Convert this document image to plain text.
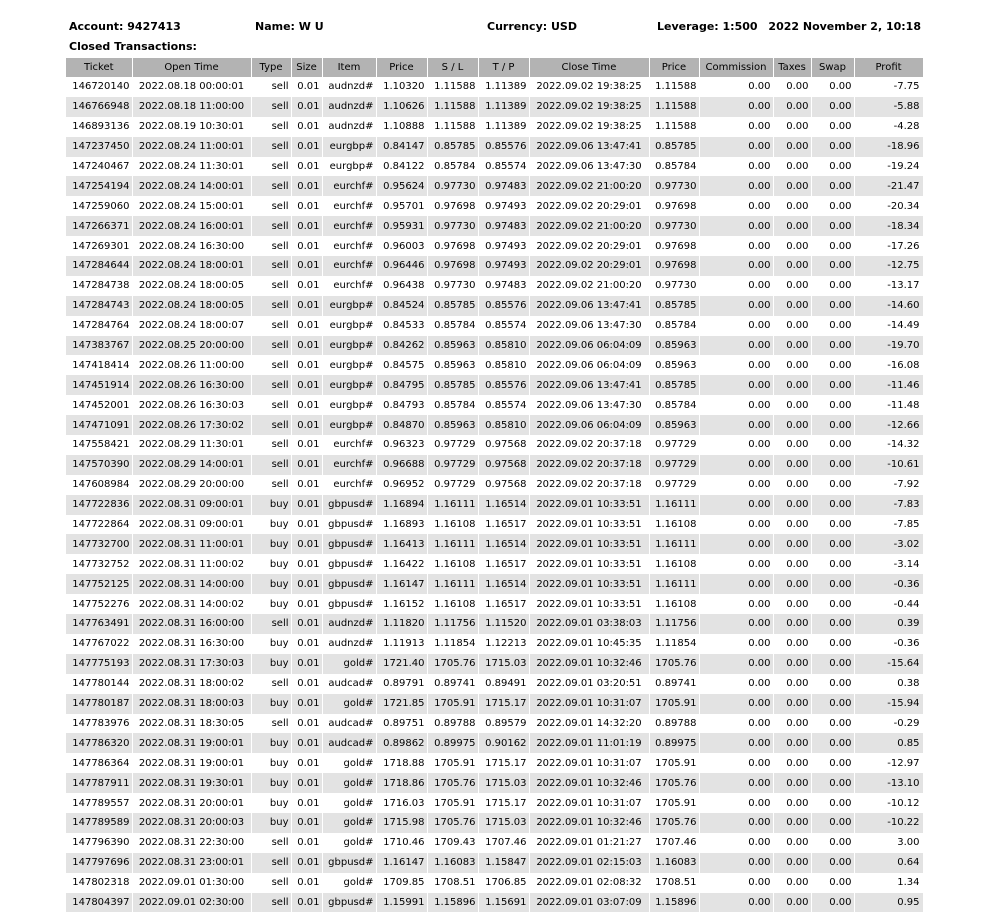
Account: 9427413	Name: W U	Currency: USD	Leverage: 1:500 2022 November 2, 10:18
Closed Transactions:
Ticket	Open Time	Type	Size	Item	Price	S / L	T / P	Close Time	Price	Commission	Taxes	Swap	Profit
146720140	2022.08.18 00:00:01	sell	0.01	audnzd#	1.10320	1.11588	1.11389	2022.09.02 19:38:25	1.11588	0.00	0.00	0.00	-7.75
146766948	2022.08.18 11:00:00	sell	0.01	audnzd#	1.10626	1.11588	1.11389	2022.09.02 19:38:25	1.11588	0.00	0.00	0.00	-5.88
146893136	2022.08.19 10:30:01	sell	0.01	audnzd#	1.10888	1.11588	1.11389	2022.09.02 19:38:25	1.11588	0.00	0.00	0.00	-4.28
147237450	2022.08.24 11:00:01	sell	0.01	eurgbp#	0.84147	0.85785	0.85576	2022.09.06 13:47:41	0.85785	0.00	0.00	0.00	-18.96
147240467	2022.08.24 11:30:01	sell	0.01	eurgbp#	0.84122	0.85784	0.85574	2022.09.06 13:47:30	0.85784	0.00	0.00	0.00	-19.24
147254194	2022.08.24 14:00:01	sell	0.01	eurchf#	0.95624	0.97730	0.97483	2022.09.02 21:00:20	0.97730	0.00	0.00	0.00	-21.47
147259060	2022.08.24 15:00:01	sell	0.01	eurchf#	0.95701	0.97698	0.97493	2022.09.02 20:29:01	0.97698	0.00	0.00	0.00	-20.34
147266371	2022.08.24 16:00:01	sell	0.01	eurchf#	0.95931	0.97730	0.97483	2022.09.02 21:00:20	0.97730	0.00	0.00	0.00	-18.34
147269301	2022.08.24 16:30:00	sell	0.01	eurchf#	0.96003	0.97698	0.97493	2022.09.02 20:29:01	0.97698	0.00	0.00	0.00	-17.26
147284644	2022.08.24 18:00:01	sell	0.01	eurchf#	0.96446	0.97698	0.97493	2022.09.02 20:29:01	0.97698	0.00	0.00	0.00	-12.75
147284738	2022.08.24 18:00:05	sell	0.01	eurchf#	0.96438	0.97730	0.97483	2022.09.02 21:00:20	0.97730	0.00	0.00	0.00	-13.17
147284743	2022.08.24 18:00:05	sell	0.01	eurgbp#	0.84524	0.85785	0.85576	2022.09.06 13:47:41	0.85785	0.00	0.00	0.00	-14.60
147284764	2022.08.24 18:00:07	sell	0.01	eurgbp#	0.84533	0.85784	0.85574	2022.09.06 13:47:30	0.85784	0.00	0.00	0.00	-14.49
147383767	2022.08.25 20:00:00	sell	0.01	eurgbp#	0.84262	0.85963	0.85810	2022.09.06 06:04:09	0.85963	0.00	0.00	0.00	-19.70
147418414	2022.08.26 11:00:00	sell	0.01	eurgbp#	0.84575	0.85963	0.85810	2022.09.06 06:04:09	0.85963	0.00	0.00	0.00	-16.08
147451914	2022.08.26 16:30:00	sell	0.01	eurgbp#	0.84795	0.85785	0.85576	2022.09.06 13:47:41	0.85785	0.00	0.00	0.00	-11.46
147452001	2022.08.26 16:30:03	sell	0.01	eurgbp#	0.84793	0.85784	0.85574	2022.09.06 13:47:30	0.85784	0.00	0.00	0.00	-11.48
147471091	2022.08.26 17:30:02	sell	0.01	eurgbp#	0.84870	0.85963	0.85810	2022.09.06 06:04:09	0.85963	0.00	0.00	0.00	-12.66
147558421	2022.08.29 11:30:01	sell	0.01	eurchf#	0.96323	0.97729	0.97568	2022.09.02 20:37:18	0.97729	0.00	0.00	0.00	-14.32
147570390	2022.08.29 14:00:01	sell	0.01	eurchf#	0.96688	0.97729	0.97568	2022.09.02 20:37:18	0.97729	0.00	0.00	0.00	-10.61
147608984	2022.08.29 20:00:00	sell	0.01	eurchf#	0.96952	0.97729	0.97568	2022.09.02 20:37:18	0.97729	0.00	0.00	0.00	-7.92
147722836	2022.08.31 09:00:01	buy	0.01	gbpusd#	1.16894	1.16111	1.16514	2022.09.01 10:33:51	1.16111	0.00	0.00	0.00	-7.83
147722864	2022.08.31 09:00:01	buy	0.01	gbpusd#	1.16893	1.16108	1.16517	2022.09.01 10:33:51	1.16108	0.00	0.00	0.00	-7.85
147732700	2022.08.31 11:00:01	buy	0.01	gbpusd#	1.16413	1.16111	1.16514	2022.09.01 10:33:51	1.16111	0.00	0.00	0.00	-3.02
147732752	2022.08.31 11:00:02	buy	0.01	gbpusd#	1.16422	1.16108	1.16517	2022.09.01 10:33:51	1.16108	0.00	0.00	0.00	-3.14
147752125	2022.08.31 14:00:00	buy	0.01	gbpusd#	1.16147	1.16111	1.16514	2022.09.01 10:33:51	1.16111	0.00	0.00	0.00	-0.36
147752276	2022.08.31 14:00:02	buy	0.01	gbpusd#	1.16152	1.16108	1.16517	2022.09.01 10:33:51	1.16108	0.00	0.00	0.00	-0.44
147763491	2022.08.31 16:00:00	sell	0.01	audnzd#	1.11820	1.11756	1.11520	2022.09.01 03:38:03	1.11756	0.00	0.00	0.00	0.39
147767022	2022.08.31 16:30:00	buy	0.01	audnzd#	1.11913	1.11854	1.12213	2022.09.01 10:45:35	1.11854	0.00	0.00	0.00	-0.36
147775193	2022.08.31 17:30:03	buy	0.01	gold#	1721.40	1705.76	1715.03	2022.09.01 10:32:46	1705.76	0.00	0.00	0.00	-15.64
147780144	2022.08.31 18:00:02	sell	0.01	audcad#	0.89791	0.89741	0.89491	2022.09.01 03:20:51	0.89741	0.00	0.00	0.00	0.38
147780187	2022.08.31 18:00:03	buy	0.01	gold#	1721.85	1705.91	1715.17	2022.09.01 10:31:07	1705.91	0.00	0.00	0.00	-15.94
147783976	2022.08.31 18:30:05	sell	0.01	audcad#	0.89751	0.89788	0.89579	2022.09.01 14:32:20	0.89788	0.00	0.00	0.00	-0.29
147786320	2022.08.31 19:00:01	buy	0.01	audcad#	0.89862	0.89975	0.90162	2022.09.01 11:01:19	0.89975	0.00	0.00	0.00	0.85
147786364	2022.08.31 19:00:01	buy	0.01	gold#	1718.88	1705.91	1715.17	2022.09.01 10:31:07	1705.91	0.00	0.00	0.00	-12.97
147787911	2022.08.31 19:30:01	buy	0.01	gold#	1718.86	1705.76	1715.03	2022.09.01 10:32:46	1705.76	0.00	0.00	0.00	-13.10
147789557	2022.08.31 20:00:01	buy	0.01	gold#	1716.03	1705.91	1715.17	2022.09.01 10:31:07	1705.91	0.00	0.00	0.00	-10.12
147789589	2022.08.31 20:00:03	buy	0.01	gold#	1715.98	1705.76	1715.03	2022.09.01 10:32:46	1705.76	0.00	0.00	0.00	-10.22
147796390	2022.08.31 22:30:00	sell	0.01	gold#	1710.46	1709.43	1707.46	2022.09.01 01:21:27	1707.46	0.00	0.00	0.00	3.00
147797696	2022.08.31 23:00:01	sell	0.01	gbpusd#	1.16147	1.16083	1.15847	2022.09.01 02:15:03	1.16083	0.00	0.00	0.00	0.64
147802318	2022.09.01 01:30:00	sell	0.01	gold#	1709.85	1708.51	1706.85	2022.09.01 02:08:32	1708.51	0.00	0.00	0.00	1.34
147804397	2022.09.01 02:30:00	sell	0.01	gbpusd#	1.15991	1.15896	1.15691	2022.09.01 03:07:09	1.15896	0.00	0.00	0.00	0.95
